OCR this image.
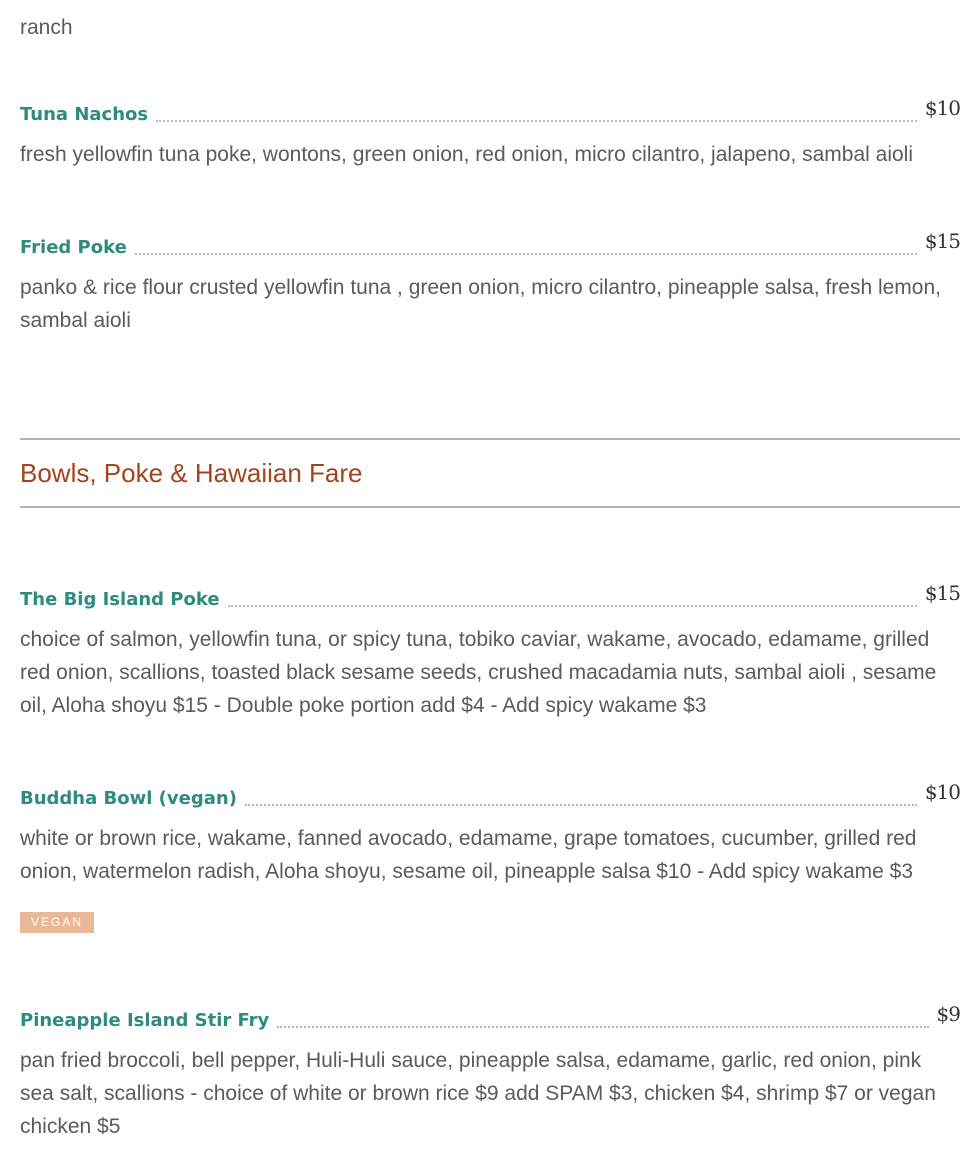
ranch
Tuna Nachos	$10
fresh yellowfin tuna poke, wontons, green onion, red onion, micro cilantro, jalapeno, sambal aioli
Fried Poke	$15
panko & rice flour crusted yellowfin tuna , green onion, micro cilantro, pineapple salsa, fresh lemon, sambal aioli
Bowls, Poke & Hawaiian Fare
The Big Island Poke	$15
choice of salmon, yellowfin tuna, or spicy tuna, tobiko caviar, wakame, avocado, edamame, grilled red onion, scallions, toasted black sesame seeds, crushed macadamia nuts, sambal aioli , sesame oil, Aloha shoyu $15 - Double poke portion add $4 - Add spicy wakame $3
Buddha Bowl (vegan)	$10
white or brown rice, wakame, fanned avocado, edamame, grape tomatoes, cucumber, grilled red onion, watermelon radish, Aloha shoyu, sesame oil, pineapple salsa $10 - Add spicy wakame $3
VEGAN
Pineapple Island Stir Fry	$9
pan fried broccoli, bell pepper, Huli-Huli sauce, pineapple salsa, edamame, garlic, red onion, pink sea salt, scallions - choice of white or brown rice $9 add SPAM $3, chicken $4, shrimp $7 or vegan chicken $5
